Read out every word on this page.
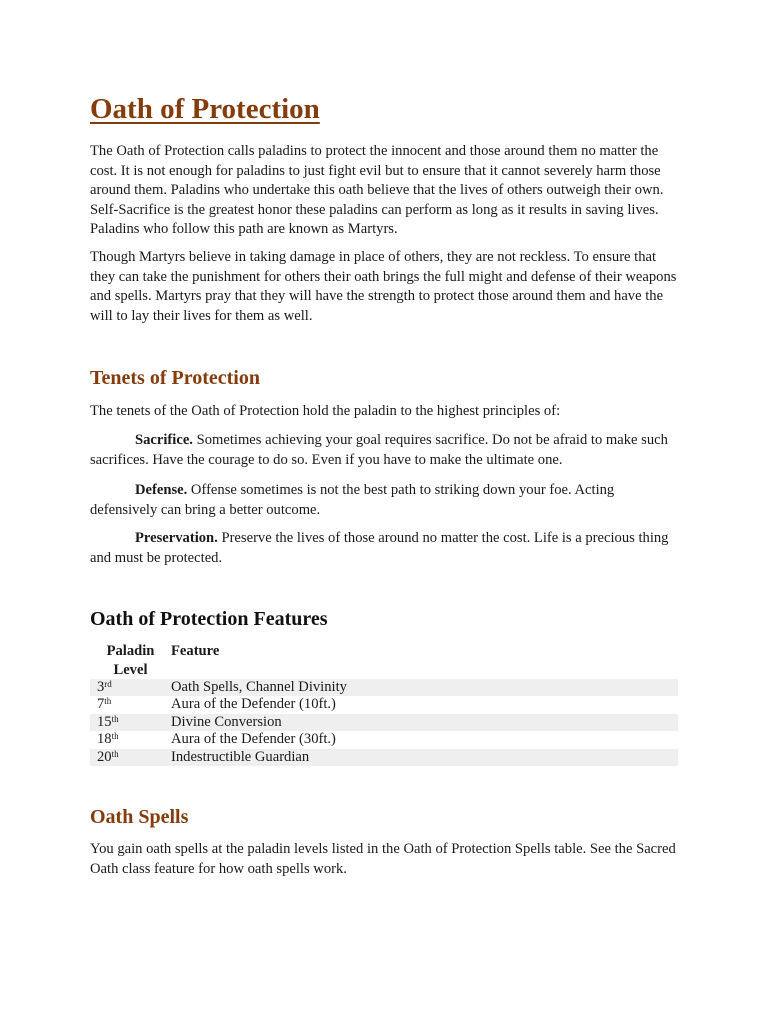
Oath of Protection

The Oath of Protection calls paladins to protect the innocent and those around them no matter the cost. It is not enough for paladins to just fight evil but to ensure that it cannot severely harm those around them. Paladins who undertake this oath believe that the lives of others outweigh their own. Self-Sacrifice is the greatest honor these paladins can perform as long as it results in saving lives. Paladins who follow this path are known as Martyrs.

Though Martyrs believe in taking damage in place of others, they are not reckless. To ensure that they can take the punishment for others their oath brings the full might and defense of their weapons and spells. Martyrs pray that they will have the strength to protect those around them and have the will to lay their lives for them as well.

Tenets of Protection

The tenets of the Oath of Protection hold the paladin to the highest principles of:

Sacrifice. Sometimes achieving your goal requires sacrifice. Do not be afraid to make such sacrifices. Have the courage to do so. Even if you have to make the ultimate one.

Defense. Offense sometimes is not the best path to striking down your foe. Acting defensively can bring a better outcome.

Preservation. Preserve the lives of those around no matter the cost. Life is a precious thing and must be protected.

Oath of Protection Features
Paladin Level	Feature
3rd	Oath Spells, Channel Divinity
7th	Aura of the Defender (10ft.)
15th	Divine Conversion
18th	Aura of the Defender (30ft.)
20th	Indestructible Guardian
Oath Spells

You gain oath spells at the paladin levels listed in the Oath of Protection Spells table. See the Sacred Oath class feature for how oath spells work.
